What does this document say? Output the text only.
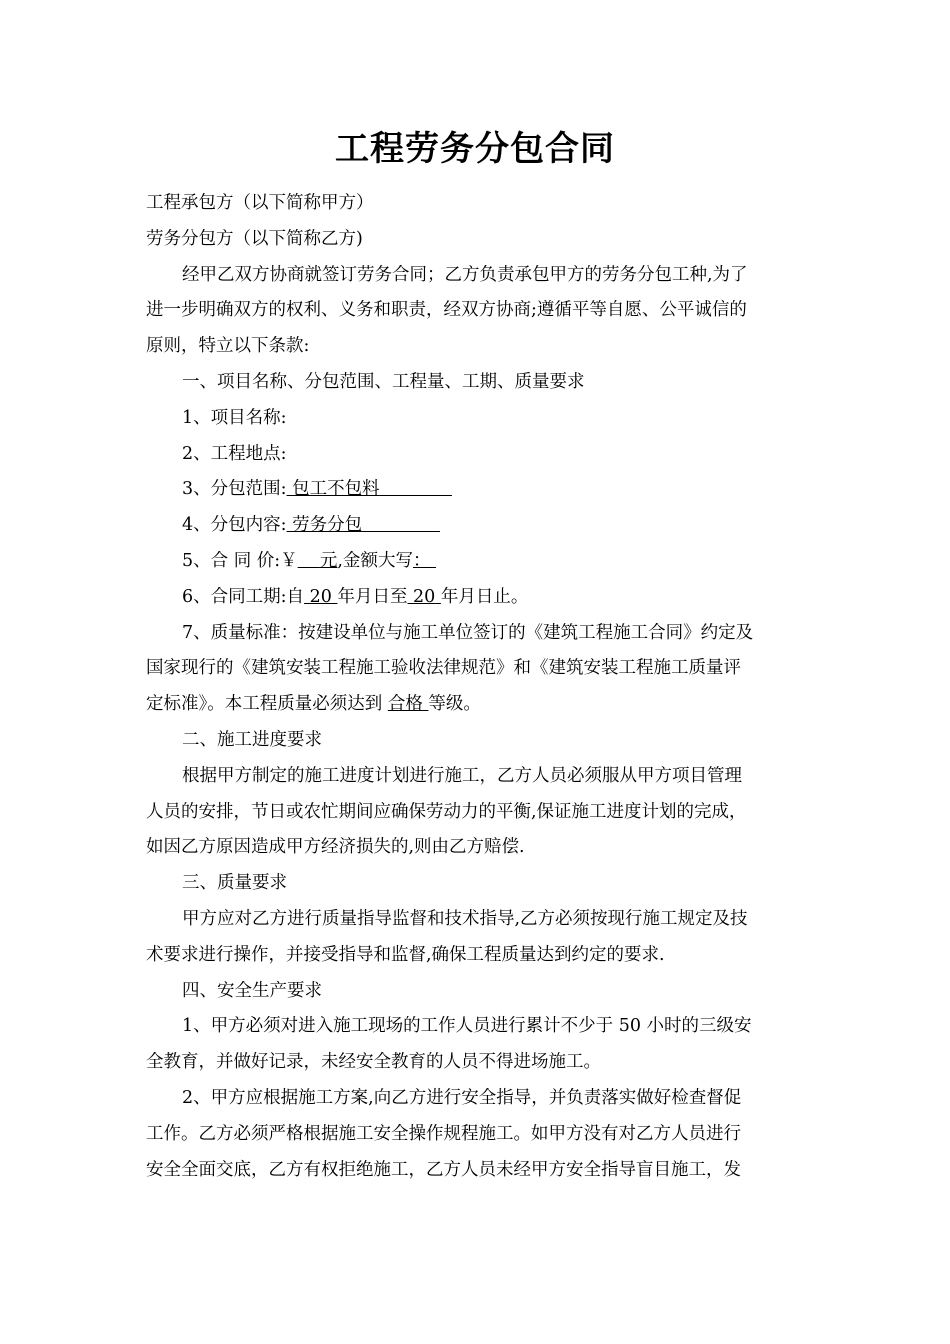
工程劳务分包合同

工程承包方（以下简称甲方）

劳务分包方（以下简称乙方)

经甲乙双方协商就签订劳务合同；乙方负责承包甲方的劳务分包工种,为了

进一步明确双方的权利、义务和职责，经双方协商;遵循平等自愿、公平诚信的

原则，特立以下条款:

一、项目名称、分包范围、工程量、工期、质量要求

1、项目名称:

2、工程地点:

3、分包范围: 包工不包料

4、分包内容: 劳务分包

5、合 同 价:￥ 元,金额大写：

6、合同工期:自 20 年月日至 20 年月日止。

7、质量标准：按建设单位与施工单位签订的《建筑工程施工合同》约定及

国家现行的《建筑安装工程施工验收法律规范》和《建筑安装工程施工质量评

定标准》。本工程质量必须达到 合格 等级。

二、施工进度要求

根据甲方制定的施工进度计划进行施工，乙方人员必须服从甲方项目管理

人员的安排，节日或农忙期间应确保劳动力的平衡,保证施工进度计划的完成，

如因乙方原因造成甲方经济损失的,则由乙方赔偿.

三、质量要求

甲方应对乙方进行质量指导监督和技术指导,乙方必须按现行施工规定及技

术要求进行操作，并接受指导和监督,确保工程质量达到约定的要求.

四、安全生产要求

1、甲方必须对进入施工现场的工作人员进行累计不少于 50 小时的三级安

全教育，并做好记录，未经安全教育的人员不得进场施工。

2、甲方应根据施工方案,向乙方进行安全指导，并负责落实做好检查督促

工作。乙方必须严格根据施工安全操作规程施工。如甲方没有对乙方人员进行

安全全面交底，乙方有权拒绝施工，乙方人员未经甲方安全指导盲目施工，发
